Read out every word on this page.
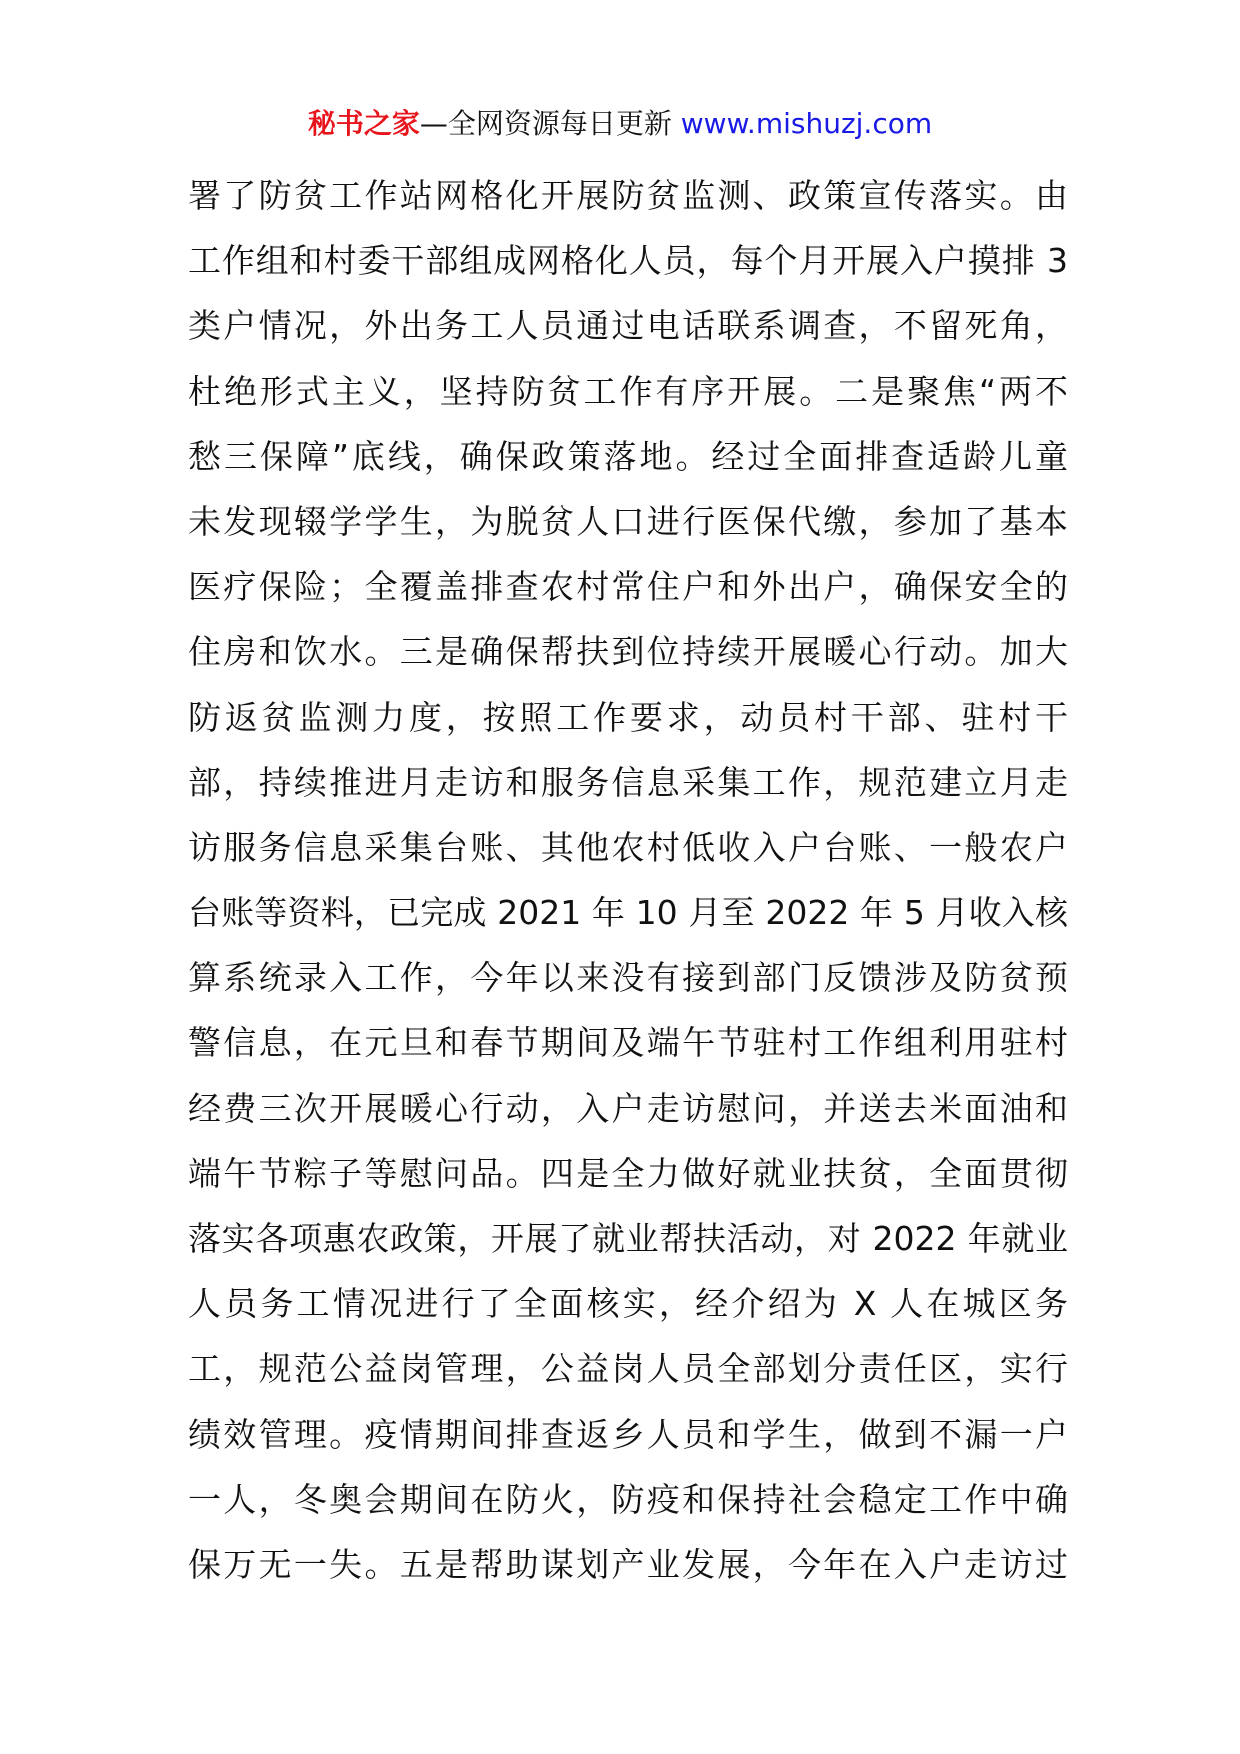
秘书之家—全网资源每日更新 www.mishuzj.com
署了防贫工作站网格化开展防贫监测、政策宣传落实。由
工作组和村委干部组成网格化人员，每个月开展入户摸排 3
类户情况，外出务工人员通过电话联系调查，不留死角，
杜绝形式主义，坚持防贫工作有序开展。二是聚焦“两不
愁三保障”底线，确保政策落地。经过全面排查适龄儿童
未发现辍学学生，为脱贫人口进行医保代缴，参加了基本
医疗保险；全覆盖排查农村常住户和外出户，确保安全的
住房和饮水。三是确保帮扶到位持续开展暖心行动。加大
防返贫监测力度，按照工作要求，动员村干部、驻村干
部，持续推进月走访和服务信息采集工作，规范建立月走
访服务信息采集台账、其他农村低收入户台账、一般农户
台账等资料，已完成 2021 年 10 月至 2022 年 5 月收入核
算系统录入工作，今年以来没有接到部门反馈涉及防贫预
警信息，在元旦和春节期间及端午节驻村工作组利用驻村
经费三次开展暖心行动，入户走访慰问，并送去米面油和
端午节粽子等慰问品。四是全力做好就业扶贫，全面贯彻
落实各项惠农政策，开展了就业帮扶活动，对 2022 年就业
人员务工情况进行了全面核实，经介绍为 X 人在城区务
工，规范公益岗管理，公益岗人员全部划分责任区，实行
绩效管理。疫情期间排查返乡人员和学生，做到不漏一户
一人，冬奥会期间在防火，防疫和保持社会稳定工作中确
保万无一失。五是帮助谋划产业发展，今年在入户走访过
